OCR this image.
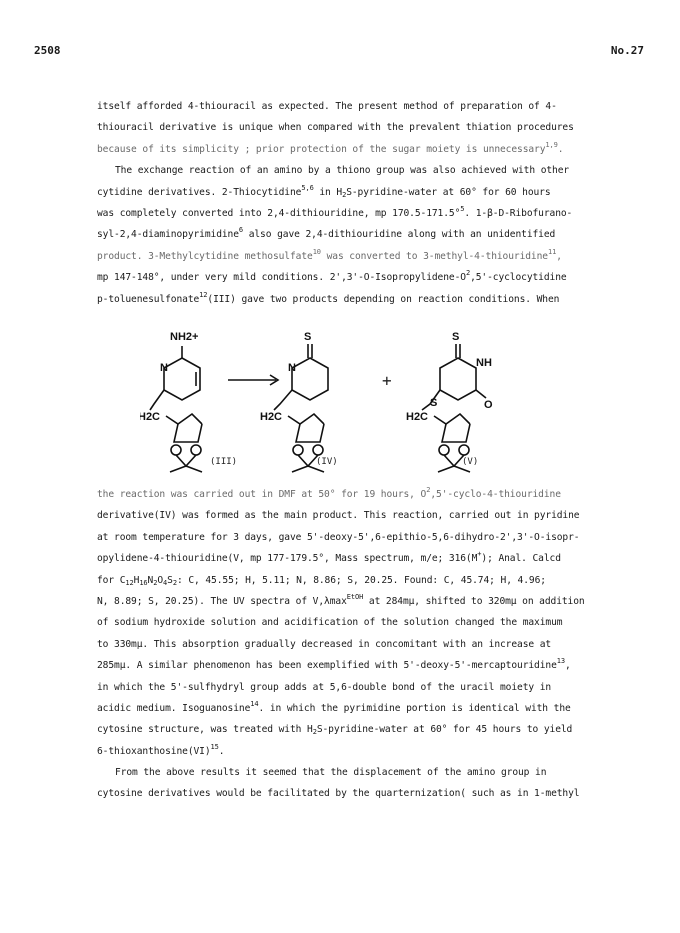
2508	No.27
itself afforded 4-thiouracil as expected. The present method of preparation of 4-
thiouracil derivative is unique when compared with the prevalent thiation procedures
because of its simplicity ; prior protection of the sugar moiety is unnecessary$^{1,9}$.
The exchange reaction of an amino by a thiono group was also achieved with other
cytidine derivatives. 2-Thiocytidine$^{5,6}$ in $H_2S-pyridine$-water at 60° for 60 hours
was completely converted into 2,4-dithiouridine, mp 170.5-171.5°$^5$. 1-β-D-Ribofurano-
syl-2,4-diaminopyrimidine$^6$ also gave 2,4-dithiouridine along with an unidentified
product. 3-Methylcytidine methosulfate$^{10}$ was converted to 3-methyl-4-thiouridine$^{11}$,
mp 147-148°, under very mild conditions. $2',3'-O-Isopropylidene-O^2,5'$-cyclocytidine
p-toluenesulfonate$^{12}$(III) gave two products depending on reaction conditions. When
NH2+
N
H2C
(III)
S
N
H2C
(IV)
+
S
NH
O
S
H2C
(V)
the reaction was carried out in DMF at 50° for 19 hours, $O^2,5'-cyclo-4$-thiouridine
derivative(IV) was formed as the main product. This reaction, carried out in pyridine
at room temperature for 3 days, gave 5'-deoxy-5',6-epithio-5,6-dihydro-2',3'-O-isopr-
opylidene-4-thiouridine(V, mp 177-179.5°, Mass spectrum, m/e; 316(M+); Anal. Calcd
for $C_{12}H_{16}N_2O_4S_2$: C, 45.55; H, 5.11; N, 8.86; S, 20.25. Found: C, 45.74; H, 4.96;
N, 8.89; S, 20.25). The UV spectra of V,λmax$^{EtOH}$ at 284mμ, shifted to 320mμ on addition
of sodium hydroxide solution and acidification of the solution changed the maximum
to 330mμ. This absorption gradually decreased in concomitant with an increase at
285mμ. A similar phenomenon has been exemplified with 5'-deoxy-5'-mercaptouridine$^{13}$,
in which the 5'-sulfhydryl group adds at 5,6-double bond of the uracil moiety in
acidic medium. Isoguanosine$^{14}$. in which the pyrimidine portion is identical with the
cytosine structure, was treated with $H_2S-pyridine$-water at 60° for 45 hours to yield
6-thioxanthosine(VI)$^{15}$.
From the above results it seemed that the displacement of the amino group in
cytosine derivatives would be facilitated by the quarternization( such as in 1-methyl
